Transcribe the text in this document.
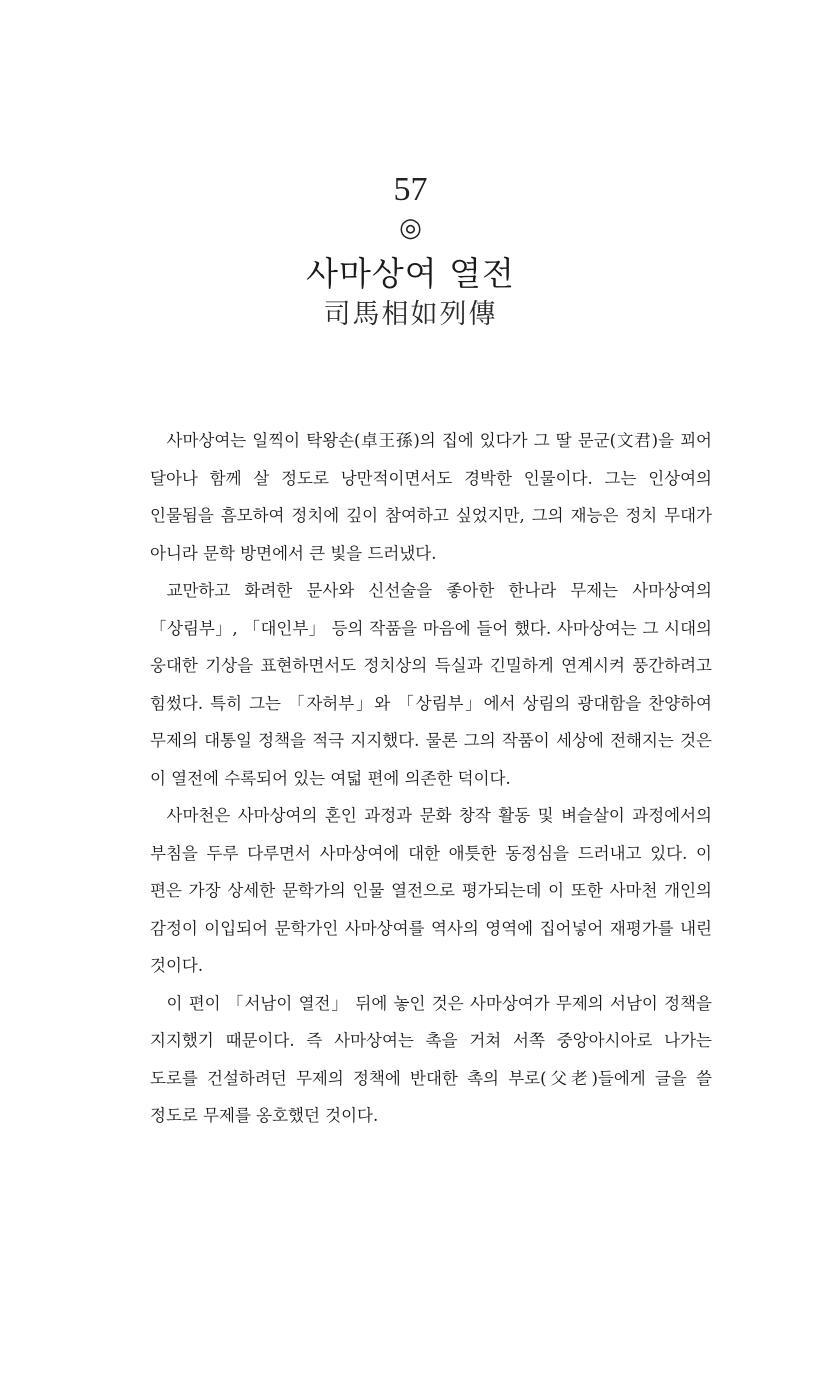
57
◎
사마상여 열전
司馬相如列傳

사마상여는 일찍이 탁왕손(卓王孫)의 집에 있다가 그 딸 문군(文君)을 꾀어 달아나 함께 살 정도로 낭만적이면서도 경박한 인물이다. 그는 인상여의 인물됨을 흠모하여 정치에 깊이 참여하고 싶었지만, 그의 재능은 정치 무대가 아니라 문학 방면에서 큰 빛을 드러냈다.

교만하고 화려한 문사와 신선술을 좋아한 한나라 무제는 사마상여의 「상림부」, 「대인부」 등의 작품을 마음에 들어 했다. 사마상여는 그 시대의 웅대한 기상을 표현하면서도 정치상의 득실과 긴밀하게 연계시켜 풍간하려고 힘썼다. 특히 그는 「자허부」와 「상림부」에서 상림의 광대함을 찬양하여 무제의 대통일 정책을 적극 지지했다. 물론 그의 작품이 세상에 전해지는 것은 이 열전에 수록되어 있는 여덟 편에 의존한 덕이다.

사마천은 사마상여의 혼인 과정과 문화 창작 활동 및 벼슬살이 과정에서의 부침을 두루 다루면서 사마상여에 대한 애틋한 동정심을 드러내고 있다. 이 편은 가장 상세한 문학가의 인물 열전으로 평가되는데 이 또한 사마천 개인의 감정이 이입되어 문학가인 사마상여를 역사의 영역에 집어넣어 재평가를 내린 것이다.

이 편이 「서남이 열전」 뒤에 놓인 것은 사마상여가 무제의 서남이 정책을 지지했기 때문이다. 즉 사마상여는 촉을 거쳐 서쪽 중앙아시아로 나가는 도로를 건설하려던 무제의 정책에 반대한 촉의 부로(父老)들에게 글을 쓸 정도로 무제를 옹호했던 것이다.
